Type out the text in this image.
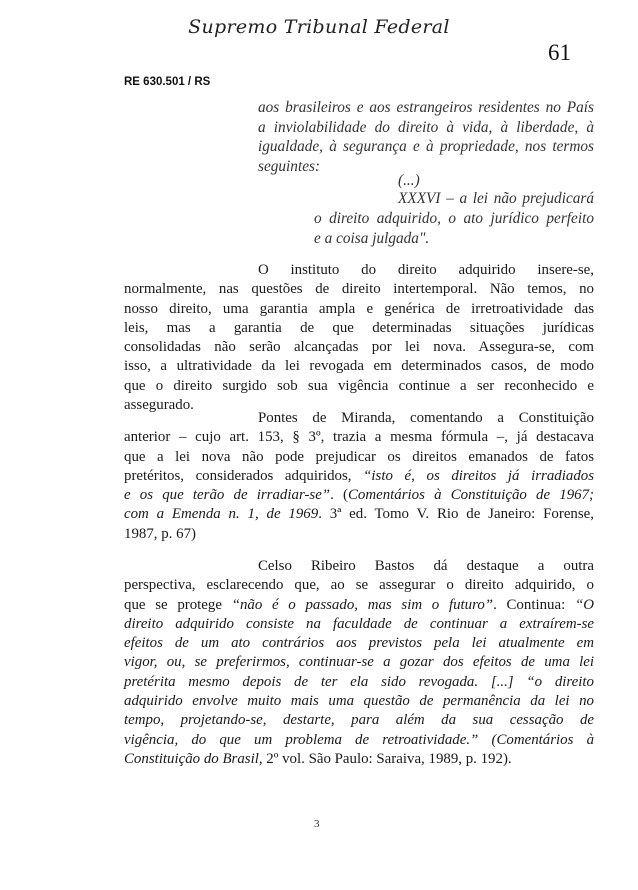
Supremo Tribunal Federal
61
RE 630.501 / RS
aos brasileiros e aos estrangeiros residentes no País
a inviolabilidade do direito à vida, à liberdade, à
igualdade, à segurança e à propriedade, nos termos
seguintes:
(...)
XXXVI – a lei não prejudicará
o direito adquirido, o ato jurídico perfeito
e a coisa julgada".
O instituto do direito adquirido insere-se,
normalmente, nas questões de direito intertemporal. Não temos, no
nosso direito, uma garantia ampla e genérica de irretroatividade das
leis, mas a garantia de que determinadas situações jurídicas
consolidadas não serão alcançadas por lei nova. Assegura-se, com
isso, a ultratividade da lei revogada em determinados casos, de modo
que o direito surgido sob sua vigência continue a ser reconhecido e
assegurado.
Pontes de Miranda, comentando a Constituição
anterior – cujo art. 153, § 3º, trazia a mesma fórmula –, já destacava
que a lei nova não pode prejudicar os direitos emanados de fatos
pretéritos, considerados adquiridos, “isto é, os direitos já irradiados
e os que terão de irradiar-se”. (Comentários à Constituição de 1967;
com a Emenda n. 1, de 1969. 3ª ed. Tomo V. Rio de Janeiro: Forense,
1987, p. 67)
Celso Ribeiro Bastos dá destaque a outra
perspectiva, esclarecendo que, ao se assegurar o direito adquirido, o
que se protege “não é o passado, mas sim o futuro”. Continua: “O
direito adquirido consiste na faculdade de continuar a extraírem-se
efeitos de um ato contrários aos previstos pela lei atualmente em
vigor, ou, se preferirmos, continuar-se a gozar dos efeitos de uma lei
pretérita mesmo depois de ter ela sido revogada. [...] “o direito
adquirido envolve muito mais uma questão de permanência da lei no
tempo, projetando-se, destarte, para além da sua cessação de
vigência, do que um problema de retroatividade.” (Comentários à
Constituição do Brasil, 2º vol. São Paulo: Saraiva, 1989, p. 192).
3
